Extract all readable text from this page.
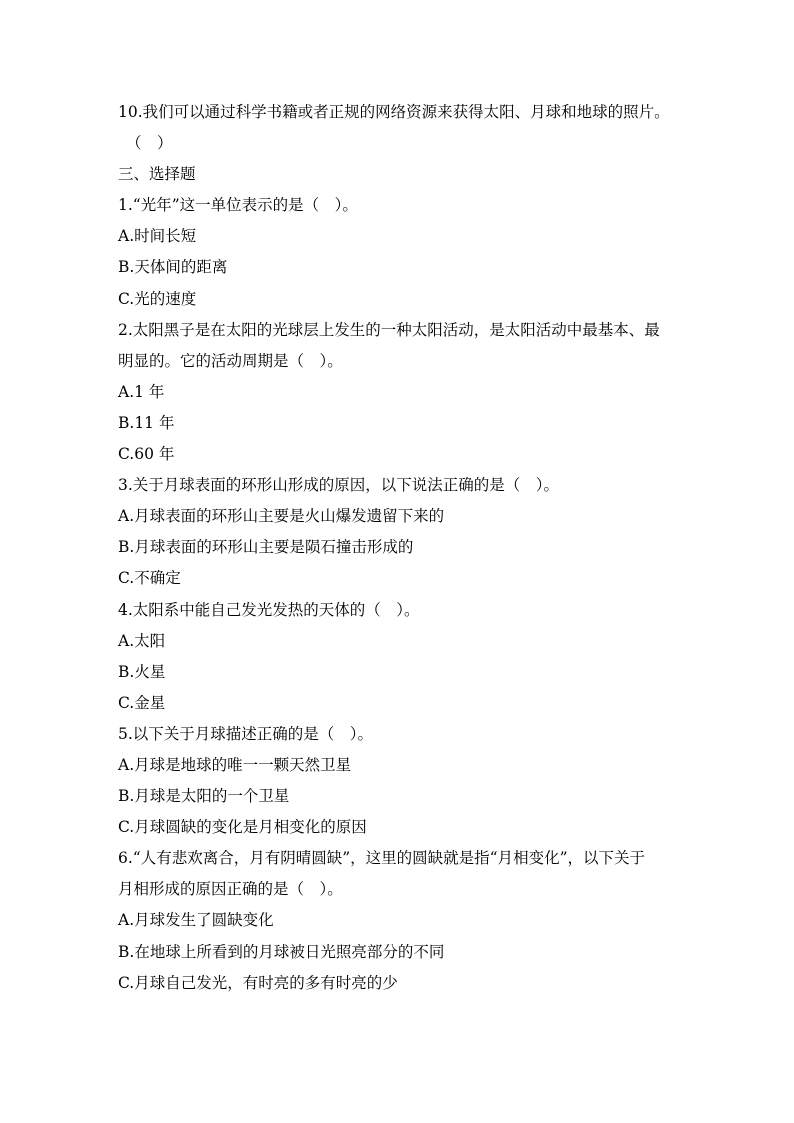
10.我们可以通过科学书籍或者正规的网络资源来获得太阳、月球和地球的照片。
（　）
三、选择题
1.“光年”这一单位表示的是（　）。
A.时间长短
B.天体间的距离
C.光的速度
2.太阳黑子是在太阳的光球层上发生的一种太阳活动，是太阳活动中最基本、最
明显的。它的活动周期是（　）。
A.1 年
B.11 年
C.60 年
3.关于月球表面的环形山形成的原因，以下说法正确的是（　）。
A.月球表面的环形山主要是火山爆发遗留下来的
B.月球表面的环形山主要是陨石撞击形成的
C.不确定
4.太阳系中能自己发光发热的天体的（　）。
A.太阳
B.火星
C.金星
5.以下关于月球描述正确的是（　）。
A.月球是地球的唯一一颗天然卫星
B.月球是太阳的一个卫星
C.月球圆缺的变化是月相变化的原因
6.“人有悲欢离合，月有阴晴圆缺”，这里的圆缺就是指“月相变化”，以下关于
月相形成的原因正确的是（　）。
A.月球发生了圆缺变化
B.在地球上所看到的月球被日光照亮部分的不同
C.月球自己发光，有时亮的多有时亮的少
